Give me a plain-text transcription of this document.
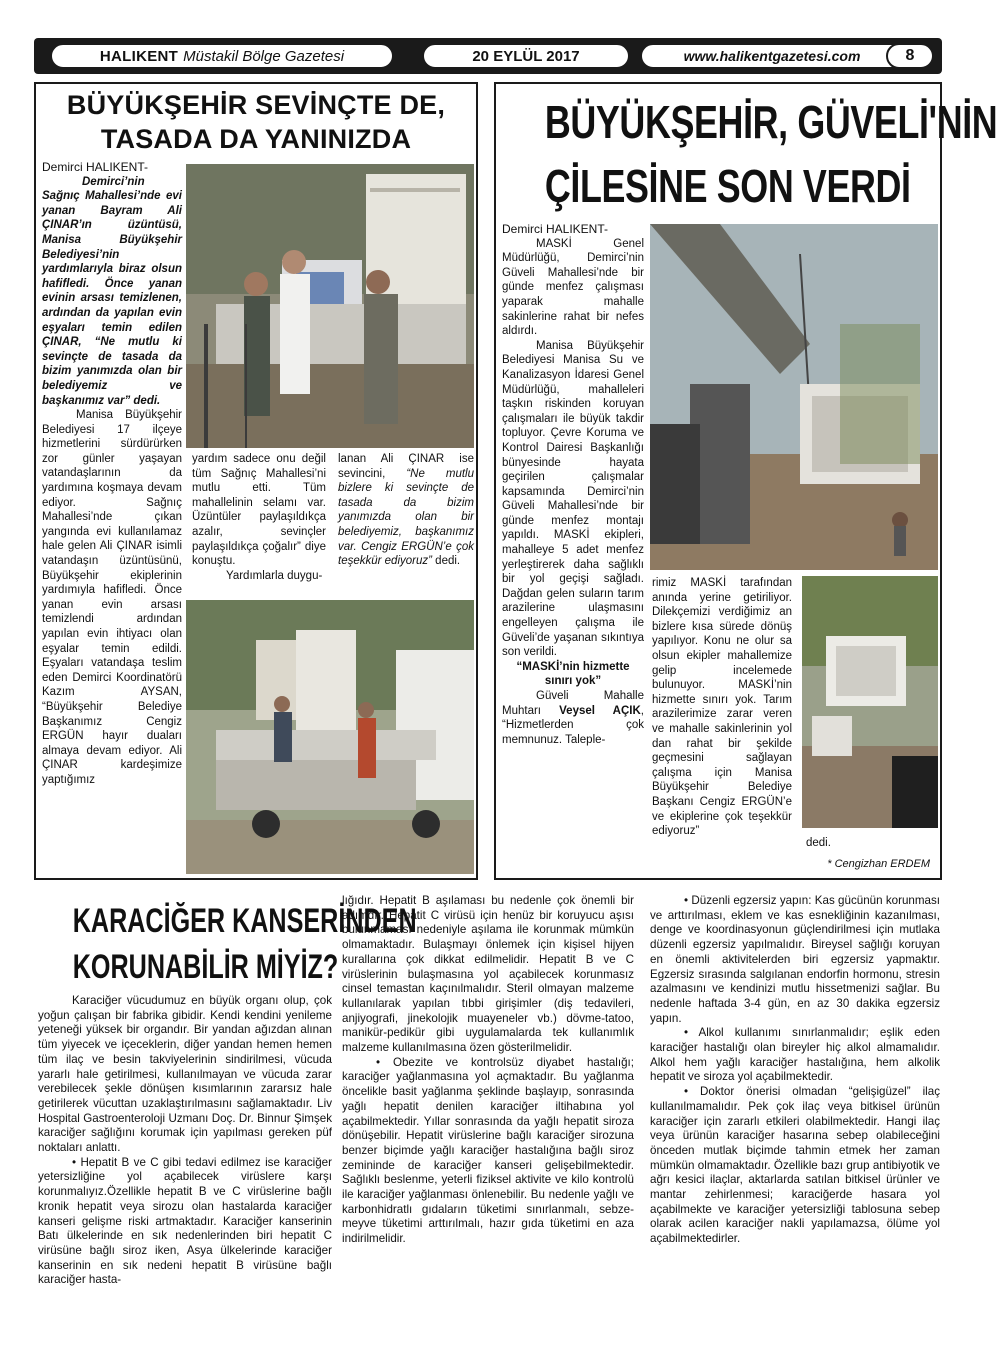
HALIKENT Müstakil Bölge Gazetesi	20 EYLÜL 2017	www.halikentgazetesi.com	8
BÜYÜKŞEHİR SEVİNÇTE DE,
TASADA DA YANINIZDA

Demirci HALIKENT-

Demirci’nin Sağnıç Mahallesi’nde evi yanan Bayram Ali ÇINAR’ın üzüntüsü, Manisa Büyükşehir Belediyesi’nin yardımlarıyla biraz olsun hafifledi. Önce yanan evinin arsası temizlenen, ardından da yapılan evin eşyaları temin edilen ÇINAR, “Ne mutlu ki sevinçte de tasada da bizim yanımızda olan bir belediyemiz ve başkanımız var” dedi.

Manisa Büyükşehir Belediyesi 17 ilçeye hizmetlerini sürdürürken zor günler yaşayan vatandaşlarının da yardımına koşmaya devam ediyor. Sağnıç Mahallesi’nde çıkan yangında evi kullanılamaz hale gelen Ali ÇINAR isimli vatandaşın üzüntüsünü, Büyükşehir ekiplerinin yardımıyla hafifledi. Önce yanan evin arsası temizlendi ardından yapılan evin ihtiyacı olan eşyalar temin edildi. Eşyaları vatandaşa teslim eden Demirci Koordinatörü Kazım AYSAN, “Büyükşehir Belediye Başkanımız Cengiz ERGÜN hayır duaları almaya devam ediyor. Ali ÇINAR kardeşimize yaptığımız

yardım sadece onu değil tüm Sağnıç Mahallesi’ni mutlu etti. Tüm mahallelinin selamı var. Üzüntüler paylaşıldıkça azalır, sevinçler paylaşıldıkça çoğalır” diye konuştu.

Yardımlarla duygu-

lanan Ali ÇINAR ise sevincini, “Ne mutlu bizlere ki sevinçte de tasada da bizim yanımızda olan bir belediyemiz, başkanımız var. Cengiz ERGÜN’e çok teşekkür ediyoruz” dedi.

BÜYÜKŞEHİR, GÜVELİ'NİN
ÇİLESİNE SON VERDİ

Demirci HALIKENT-

MASKİ Genel Müdürlüğü, Demirci’nin Güveli Mahallesi’nde bir günde menfez çalışması yaparak mahalle sakinlerine rahat bir nefes aldırdı.

Manisa Büyükşehir Belediyesi Manisa Su ve Kanalizasyon İdaresi Genel Müdürlüğü, mahalleleri taşkın riskinden koruyan çalışmaları ile büyük takdir topluyor. Çevre Koruma ve Kontrol Dairesi Başkanlığı bünyesinde hayata geçirilen çalışmalar kapsamında Demirci’nin Güveli Mahallesi’nde bir günde menfez montajı yapıldı. MASKİ ekipleri, mahalleye 5 adet menfez yerleştirerek daha sağlıklı bir yol geçişi sağladı. Dağdan gelen suların tarım arazilerine ulaşmasını engelleyen çalışma ile Güveli’de yaşanan sıkıntıya son verildi.

“MASKİ’nin hizmette sınırı yok”

Güveli Mahalle Muhtarı Veysel AÇIK, “Hizmetlerden çok memnunuz. Taleple-

rimiz MASKİ tarafından anında yerine getiriliyor. Dilekçemizi verdiğimiz an bizlere kısa sürede dönüş yapılıyor. Konu ne olur sa olsun ekipler mahallemize gelip incelemede bulunuyor. MASKİ’nin hizmette sınırı yok. Tarım arazilerimize zarar veren ve mahalle sakinlerinin yol dan rahat bir şekilde geçmesini sağlayan çalışma için Manisa Büyükşehir Belediye Başkanı Cengiz ERGÜN’e ve ekiplerine çok teşekkür ediyoruz”

dedi.

* Cengizhan ERDEM
KARACİĞER KANSERİNDEN
KORUNABİLİR MİYİZ?

Karaciğer vücudumuz en büyük organı olup, çok yoğun çalışan bir fabrika gibidir. Kendi kendini yenileme yeteneği yüksek bir organdır. Bir yandan ağızdan alınan tüm yiyecek ve içeceklerin, diğer yandan hemen hemen tüm ilaç ve besin takviyelerinin sindirilmesi, vücuda yararlı hale getirilmesi, kullanılmayan ve vücuda zarar verebilecek şekle dönüşen kısımlarının zararsız hale getirilerek vücuttan uzaklaştırılmasını sağlamaktadır. Liv Hospital Gastroenteroloji Uzmanı Doç. Dr. Binnur Şimşek karaciğer sağlığını korumak için yapılması gereken püf noktaları anlattı.

• Hepatit B ve C gibi tedavi edilmez ise karaciğer yetersizliğine yol açabilecek virüslere karşı korunmalıyız.Özellikle hepatit B ve C virüslerine bağlı kronik hepatit veya sirozu olan hastalarda karaciğer kanseri gelişme riski artmaktadır. Karaciğer kanserinin Batı ülkelerinde en sık nedenlerinden biri hepatit C virüsüne bağlı siroz iken, Asya ülkelerinde karaciğer kanserinin en sık nedeni hepatit B virüsüne bağlı karaciğer hasta-

lığıdır. Hepatit B aşılaması bu nedenle çok önemli bir adımdır. Hepatit C virüsü için henüz bir koruyucu aşısı bulunmaması nedeniyle aşılama ile korunmak mümkün olmamaktadır. Bulaşmayı önlemek için kişisel hijyen kurallarına çok dikkat edilmelidir. Hepatit B ve C virüslerinin bulaşmasına yol açabilecek korunmasız cinsel temastan kaçınılmalıdır. Steril olmayan malzeme kullanılarak yapılan tıbbi girişimler (diş tedavileri, anjiyografi, jinekolojik muayeneler vb.) dövme-tatoo, manikür-pedikür gibi uygulamalarda tek kullanımlık malzeme kullanılmasına özen gösterilmelidir.

• Obezite ve kontrolsüz diyabet hastalığı; karaciğer yağlanmasına yol açmaktadır. Bu yağlanma öncelikle basit yağlanma şeklinde başlayıp, sonrasında yağlı hepatit denilen karaciğer iltihabına yol açabilmektedir. Yıllar sonrasında da yağlı hepatit siroza dönüşebilir. Hepatit virüslerine bağlı karaciğer sirozuna benzer biçimde yağlı karaciğer hastalığına bağlı siroz zemininde de karaciğer kanseri gelişebilmektedir. Sağlıklı beslenme, yeterli fiziksel aktivite ve kilo kontrolü ile karaciğer yağlanması önlenebilir. Bu nedenle yağlı ve karbonhidratlı gıdaların tüketimi sınırlanmalı, sebze-meyve tüketimi arttırılmalı, hazır gıda tüketimi en aza indirilmelidir.

• Düzenli egzersiz yapın: Kas gücünün korunması ve arttırılması, eklem ve kas esnekliğinin kazanılması, denge ve koordinasyonun güçlendirilmesi için mutlaka düzenli egzersiz yapılmalıdır. Bireysel sağlığı koruyan en önemli aktivitelerden biri egzersiz yapmaktır. Egzersiz sırasında salgılanan endorfin hormonu, stresin azalmasını ve kendinizi mutlu hissetmenizi sağlar. Bu nedenle haftada 3-4 gün, en az 30 dakika egzersiz yapın.

• Alkol kullanımı sınırlanmalıdır; eşlik eden karaciğer hastalığı olan bireyler hiç alkol almamalıdır. Alkol hem yağlı karaciğer hastalığına, hem alkolik hepatit ve siroza yol açabilmektedir.

• Doktor önerisi olmadan “gelişigüzel” ilaç kullanılmamalıdır. Pek çok ilaç veya bitkisel ürünün karaciğer için zararlı etkileri olabilmektedir. Hangi ilaç veya ürünün karaciğer hasarına sebep olabileceğini önceden mutlak biçimde tahmin etmek her zaman mümkün olmamaktadır. Özellikle bazı grup antibiyotik ve ağrı kesici ilaçlar, aktarlarda satılan bitkisel ürünler ve mantar zehirlenmesi; karaciğerde hasara yol açabilmekte ve karaciğer yetersizliği tablosuna sebep olarak acilen karaciğer nakli yapılamazsa, ölüme yol açabilmektedirler.
